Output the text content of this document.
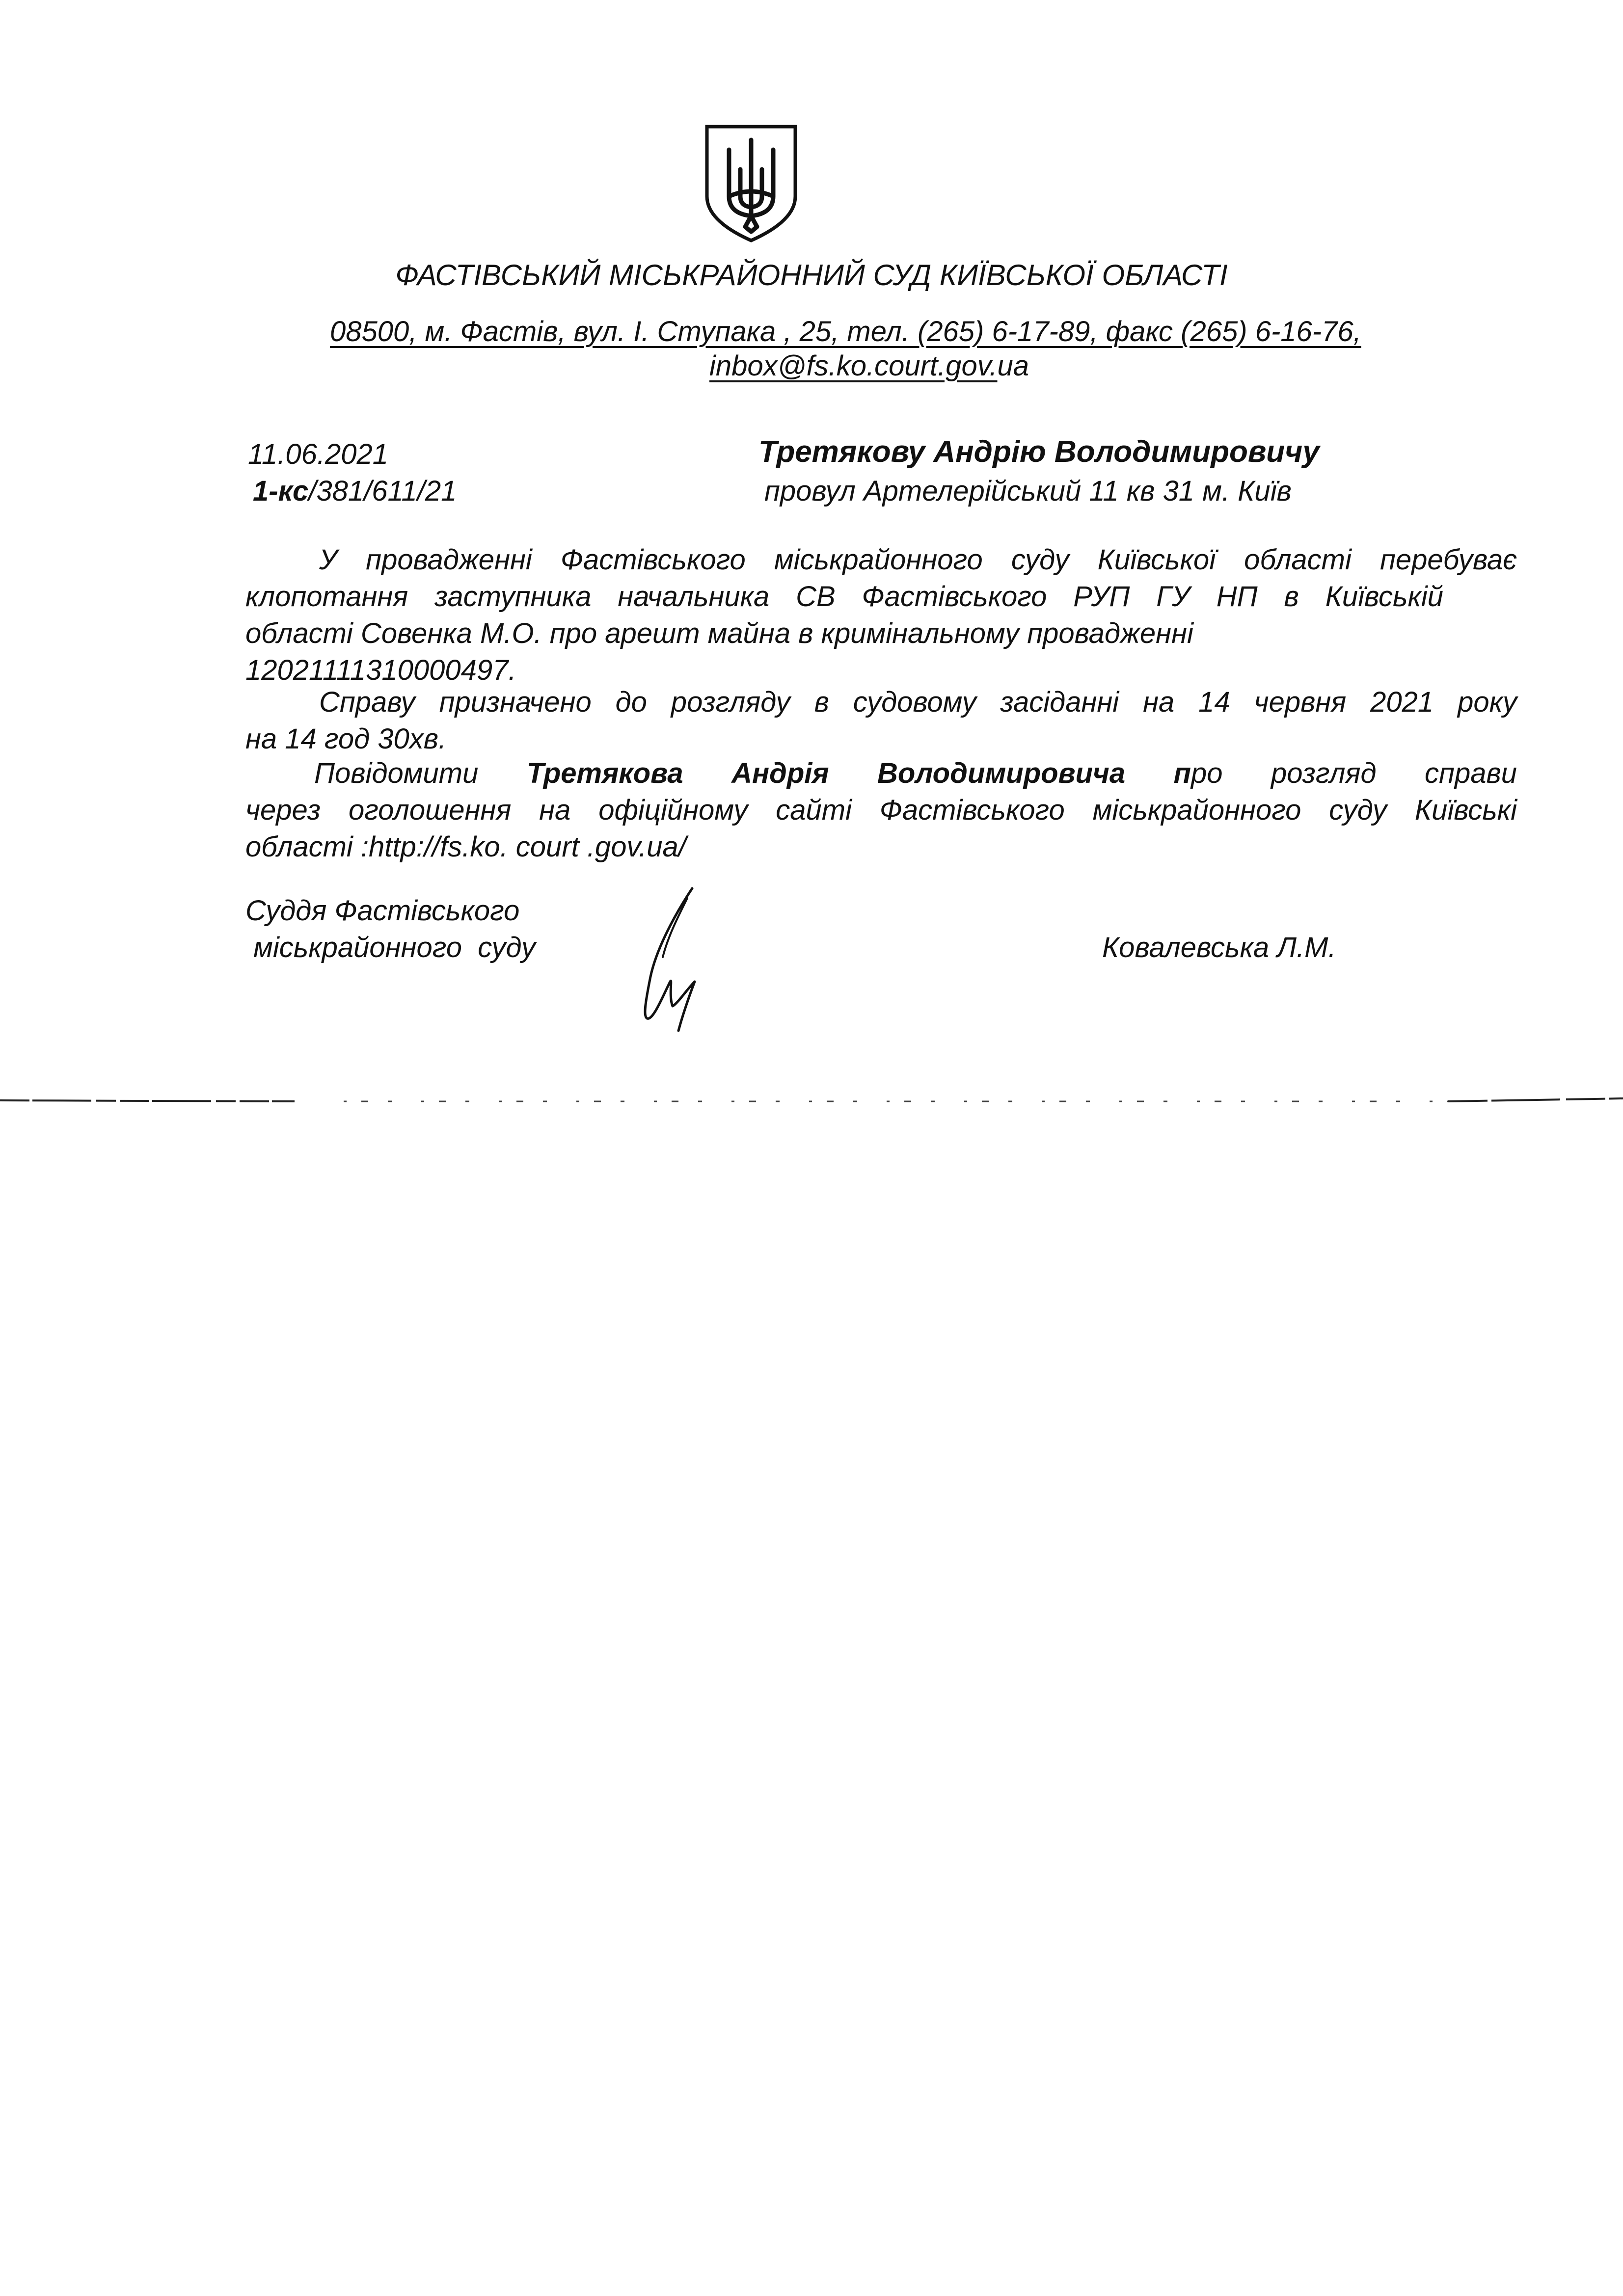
ФАСТІВСЬКИЙ МІСЬКРАЙОННИЙ СУД КИЇВСЬКОЇ ОБЛАСТІ
08500, м. Фастів, вул. І. Ступака , 25, тел. (265) 6-17-89, факс (265) 6-16-76,
inbox@fs.ko.court.gov.ua
11.06.2021
1-кс/381/611/21
Третякову Андрію Володимировичу
провул Артелерійський 11 кв 31 м. Київ
У провадженні Фастівського міськрайонного суду Київської області перебуває
клопотання заступника начальника СВ Фастівського РУП ГУ НП в Київській
області Совенка М.О. про арешт майна в кримінальному провадженні
12021111310000497.
Справу призначено до розгляду в судовому засіданні на 14 червня 2021 року
на 14 год 30хв.
Повідомити Третякова Андрія Володимировича про розгляд справи
через оголошення на офіційному сайті Фастівського міськрайонного суду Київські
області :http://fs.ko. court .gov.ua/
Суддя Фастівського
міськрайонного  суду	Ковалевська Л.М.
